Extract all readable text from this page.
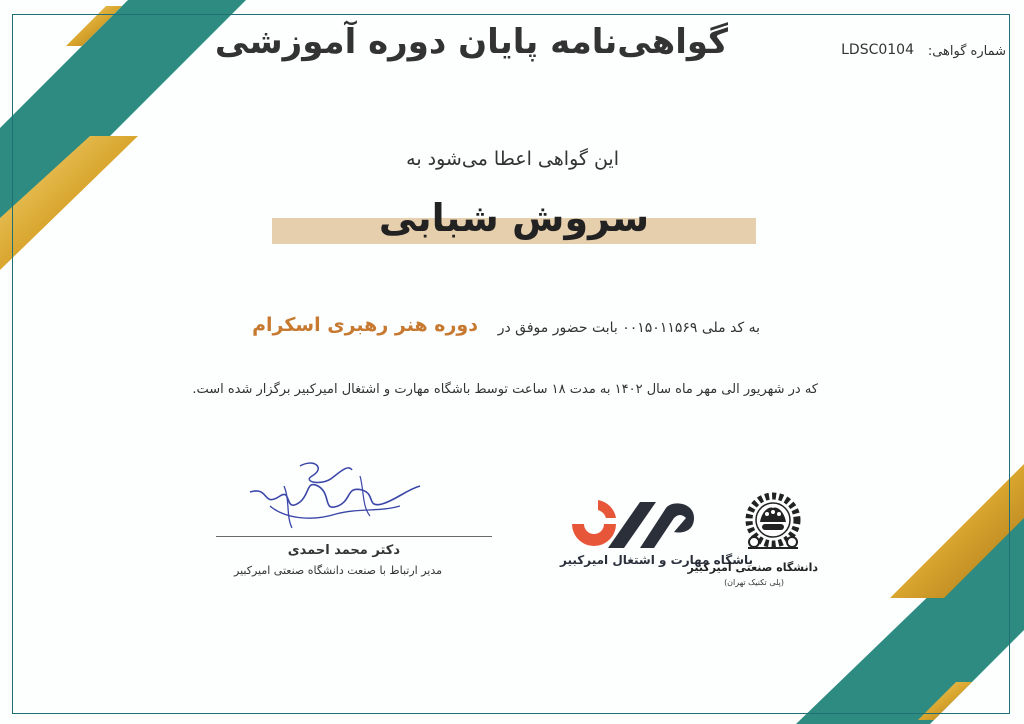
شماره گواهی:
LDSC0104
گواهی‌نامه پایان دوره آموزشی
این گواهی اعطا می‌شود به
سروش شبابی
به کد ملی ۰۰۱۵۰۱۱۵۶۹ بابت حضور موفق در
دوره هنر رهبری اسکرام
که در شهریور الی مهر ماه سال ۱۴۰۲ به مدت ۱۸ ساعت توسط باشگاه مهارت و اشتغال امیرکبیر برگزار شده است.
دکتر محمد احمدی
مدیر ارتباط با صنعت دانشگاه صنعتی امیرکبیر
باشگاه مهارت و اشتغال امیرکبیر
دانشگاه صنعتی امیرکبیر
(پلی تکنیک تهران)
